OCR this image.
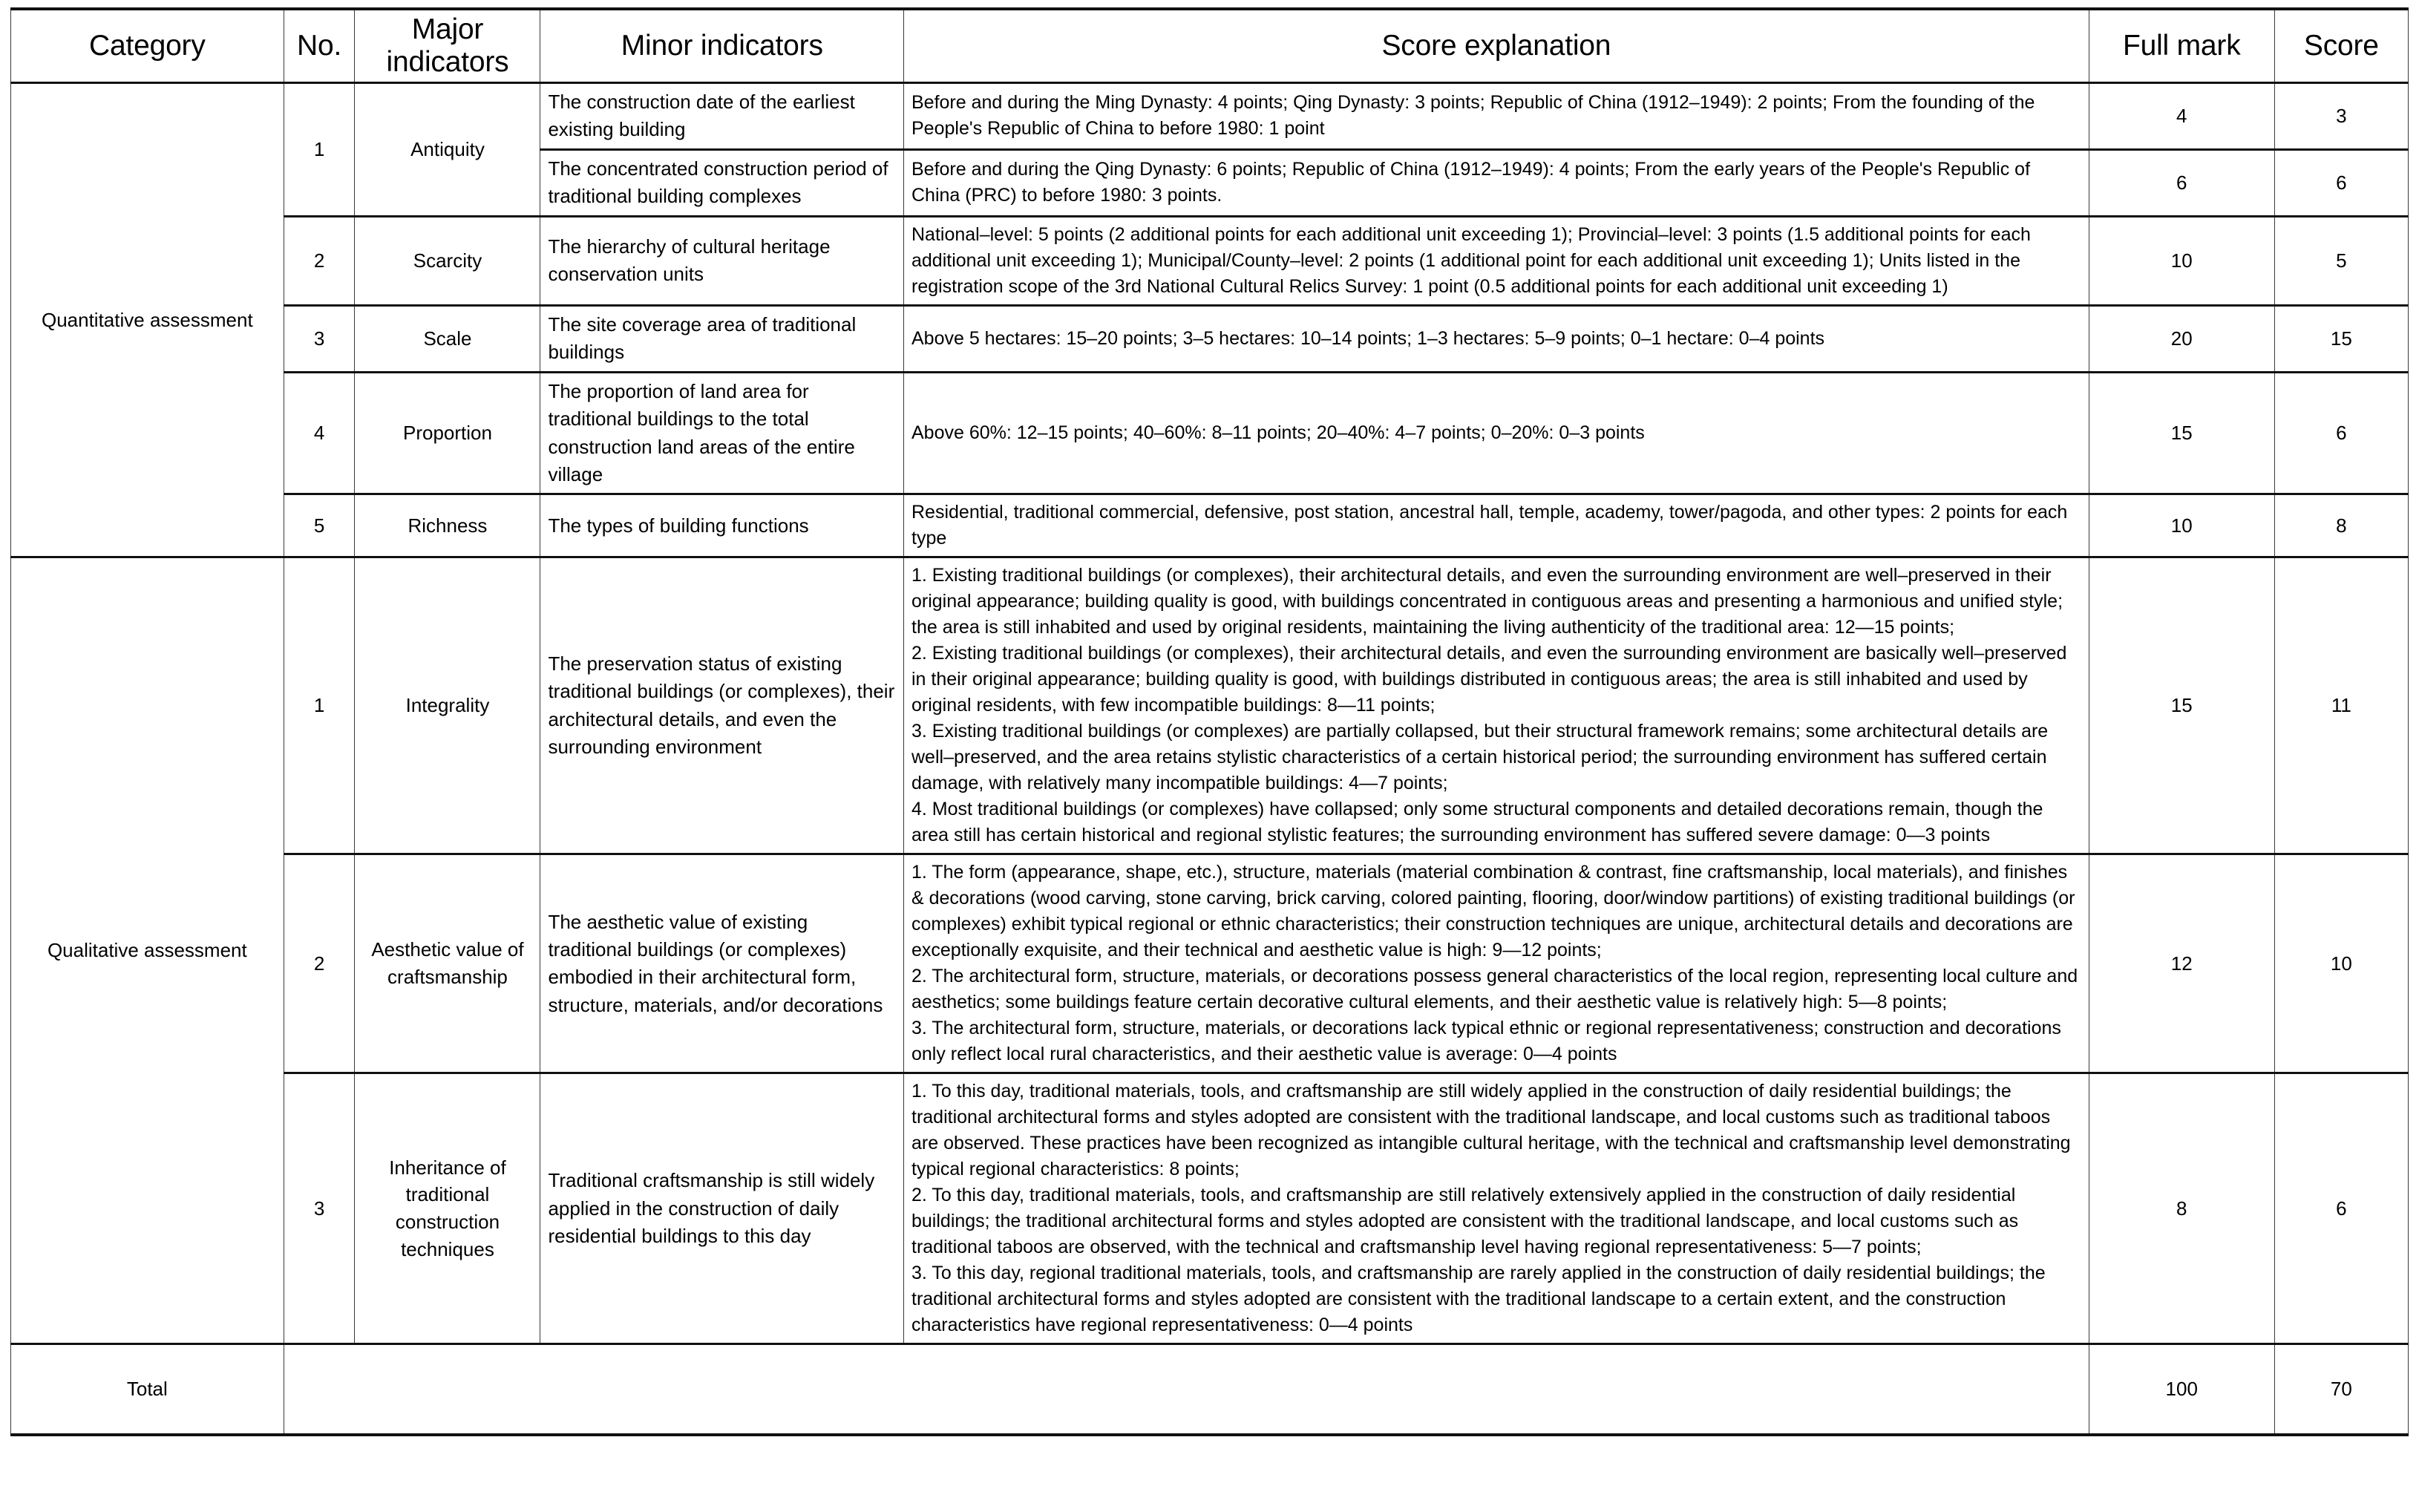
Category	No.	Major indicators	Minor indicators	Score explanation	Full mark	Score
Quantitative assessment	1	Antiquity	The construction date of the earliest existing building	Before and during the Ming Dynasty: 4 points; Qing Dynasty: 3 points; Republic of China (1912–1949): 2 points; From the founding of the People's Republic of China to before 1980: 1 point	4	3
			The concentrated construction period of traditional building complexes	Before and during the Qing Dynasty: 6 points; Republic of China (1912–1949): 4 points; From the early years of the People's Republic of China (PRC) to before 1980: 3 points.	6	6
	2	Scarcity	The hierarchy of cultural heritage conservation units	National–level: 5 points (2 additional points for each additional unit exceeding 1); Provincial–level: 3 points (1.5 additional points for each additional unit exceeding 1); Municipal/County–level: 2 points (1 additional point for each additional unit exceeding 1); Units listed in the registration scope of the 3rd National Cultural Relics Survey: 1 point (0.5 additional points for each additional unit exceeding 1)	10	5
	3	Scale	The site coverage area of traditional buildings	Above 5 hectares: 15–20 points; 3–5 hectares: 10–14 points; 1–3 hectares: 5–9 points; 0–1 hectare: 0–4 points	20	15
	4	Proportion	The proportion of land area for traditional buildings to the total construction land areas of the entire village	Above 60%: 12–15 points; 40–60%: 8–11 points; 20–40%: 4–7 points; 0–20%: 0–3 points	15	6
	5	Richness	The types of building functions	Residential, traditional commercial, defensive, post station, ancestral hall, temple, academy, tower/pagoda, and other types: 2 points for each type	10	8
Qualitative assessment	1	Integrality	The preservation status of existing traditional buildings (or complexes), their architectural details, and even the surrounding environment	1. Existing traditional buildings (or complexes), their architectural details, and even the surrounding environment are well–preserved in their original appearance; building quality is good, with buildings concentrated in contiguous areas and presenting a harmonious and unified style; the area is still inhabited and used by original residents, maintaining the living authenticity of the traditional area: 12—15 points;

2. Existing traditional buildings (or complexes), their architectural details, and even the surrounding environment are basically well–preserved in their original appearance; building quality is good, with buildings distributed in contiguous areas; the area is still inhabited and used by original residents, with few incompatible buildings: 8—11 points;

3. Existing traditional buildings (or complexes) are partially collapsed, but their structural framework remains; some architectural details are well–preserved, and the area retains stylistic characteristics of a certain historical period; the surrounding environment has suffered certain damage, with relatively many incompatible buildings: 4—7 points;

4. Most traditional buildings (or complexes) have collapsed; only some structural components and detailed decorations remain, though the area still has certain historical and regional stylistic features; the surrounding environment has suffered severe damage: 0—3 points	15	11
	2	Aesthetic value of craftsmanship	The aesthetic value of existing traditional buildings (or complexes) embodied in their architectural form, structure, materials, and/or decorations	1. The form (appearance, shape, etc.), structure, materials (material combination & contrast, fine craftsmanship, local materials), and finishes & decorations (wood carving, stone carving, brick carving, colored painting, flooring, door/window partitions) of existing traditional buildings (or complexes) exhibit typical regional or ethnic characteristics; their construction techniques are unique, architectural details and decorations are exceptionally exquisite, and their technical and aesthetic value is high: 9—12 points;

2. The architectural form, structure, materials, or decorations possess general characteristics of the local region, representing local culture and aesthetics; some buildings feature certain decorative cultural elements, and their aesthetic value is relatively high: 5—8 points;

3. The architectural form, structure, materials, or decorations lack typical ethnic or regional representativeness; construction and decorations only reflect local rural characteristics, and their aesthetic value is average: 0—4 points	12	10
	3	Inheritance of traditional construction techniques	Traditional craftsmanship is still widely applied in the construction of daily residential buildings to this day	1. To this day, traditional materials, tools, and craftsmanship are still widely applied in the construction of daily residential buildings; the traditional architectural forms and styles adopted are consistent with the traditional landscape, and local customs such as traditional taboos are observed. These practices have been recognized as intangible cultural heritage, with the technical and craftsmanship level demonstrating typical regional characteristics: 8 points;

2. To this day, traditional materials, tools, and craftsmanship are still relatively extensively applied in the construction of daily residential buildings; the traditional architectural forms and styles adopted are consistent with the traditional landscape, and local customs such as traditional taboos are observed, with the technical and craftsmanship level having regional representativeness: 5—7 points;

3. To this day, regional traditional materials, tools, and craftsmanship are rarely applied in the construction of daily residential buildings; the traditional architectural forms and styles adopted are consistent with the traditional landscape to a certain extent, and the construction characteristics have regional representativeness: 0—4 points	8	6
Total					100	70
